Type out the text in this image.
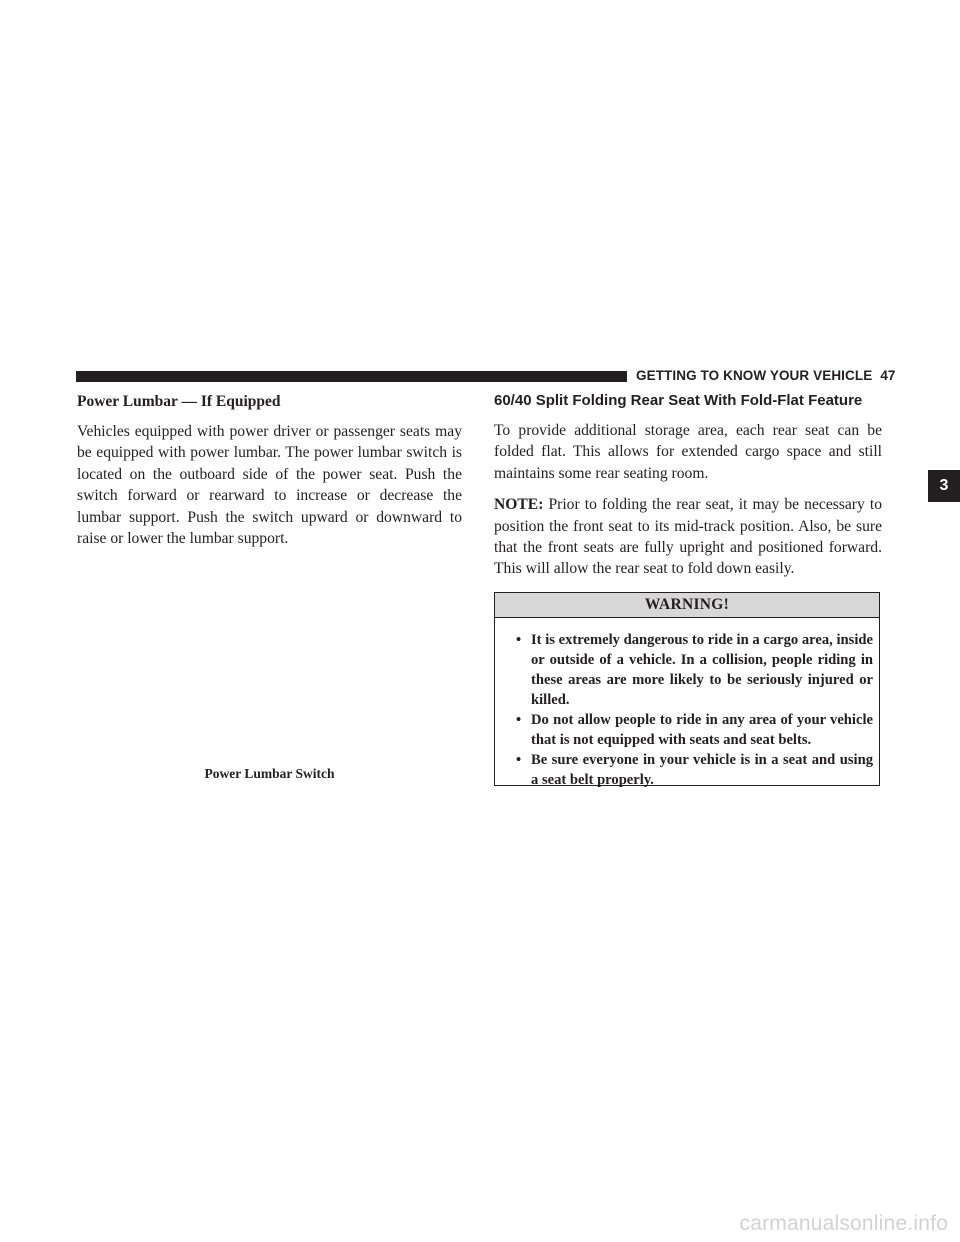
GETTING TO KNOW YOUR VEHICLE 47
3
Power Lumbar — If Equipped

Vehicles equipped with power driver or passenger seats may be equipped with power lumbar. The power lumbar switch is located on the outboard side of the power seat. Push the switch forward or rearward to increase or decrease the lumbar support. Push the switch upward or downward to raise or lower the lumbar support.

Power Lumbar Switch
60/40 Split Folding Rear Seat With Fold-Flat Feature

To provide additional storage area, each rear seat can be folded flat. This allows for extended cargo space and still maintains some rear seating room.

NOTE: Prior to folding the rear seat, it may be necessary to position the front seat to its mid-track position. Also, be sure that the front seats are fully upright and positioned forward. This will allow the rear seat to fold down easily.

WARNING!
• It is extremely dangerous to ride in a cargo area, inside or outside of a vehicle. In a collision, people riding in these areas are more likely to be seriously injured or killed.
• Do not allow people to ride in any area of your vehicle that is not equipped with seats and seat belts.
• Be sure everyone in your vehicle is in a seat and using a seat belt properly.
carmanualsonline.info
